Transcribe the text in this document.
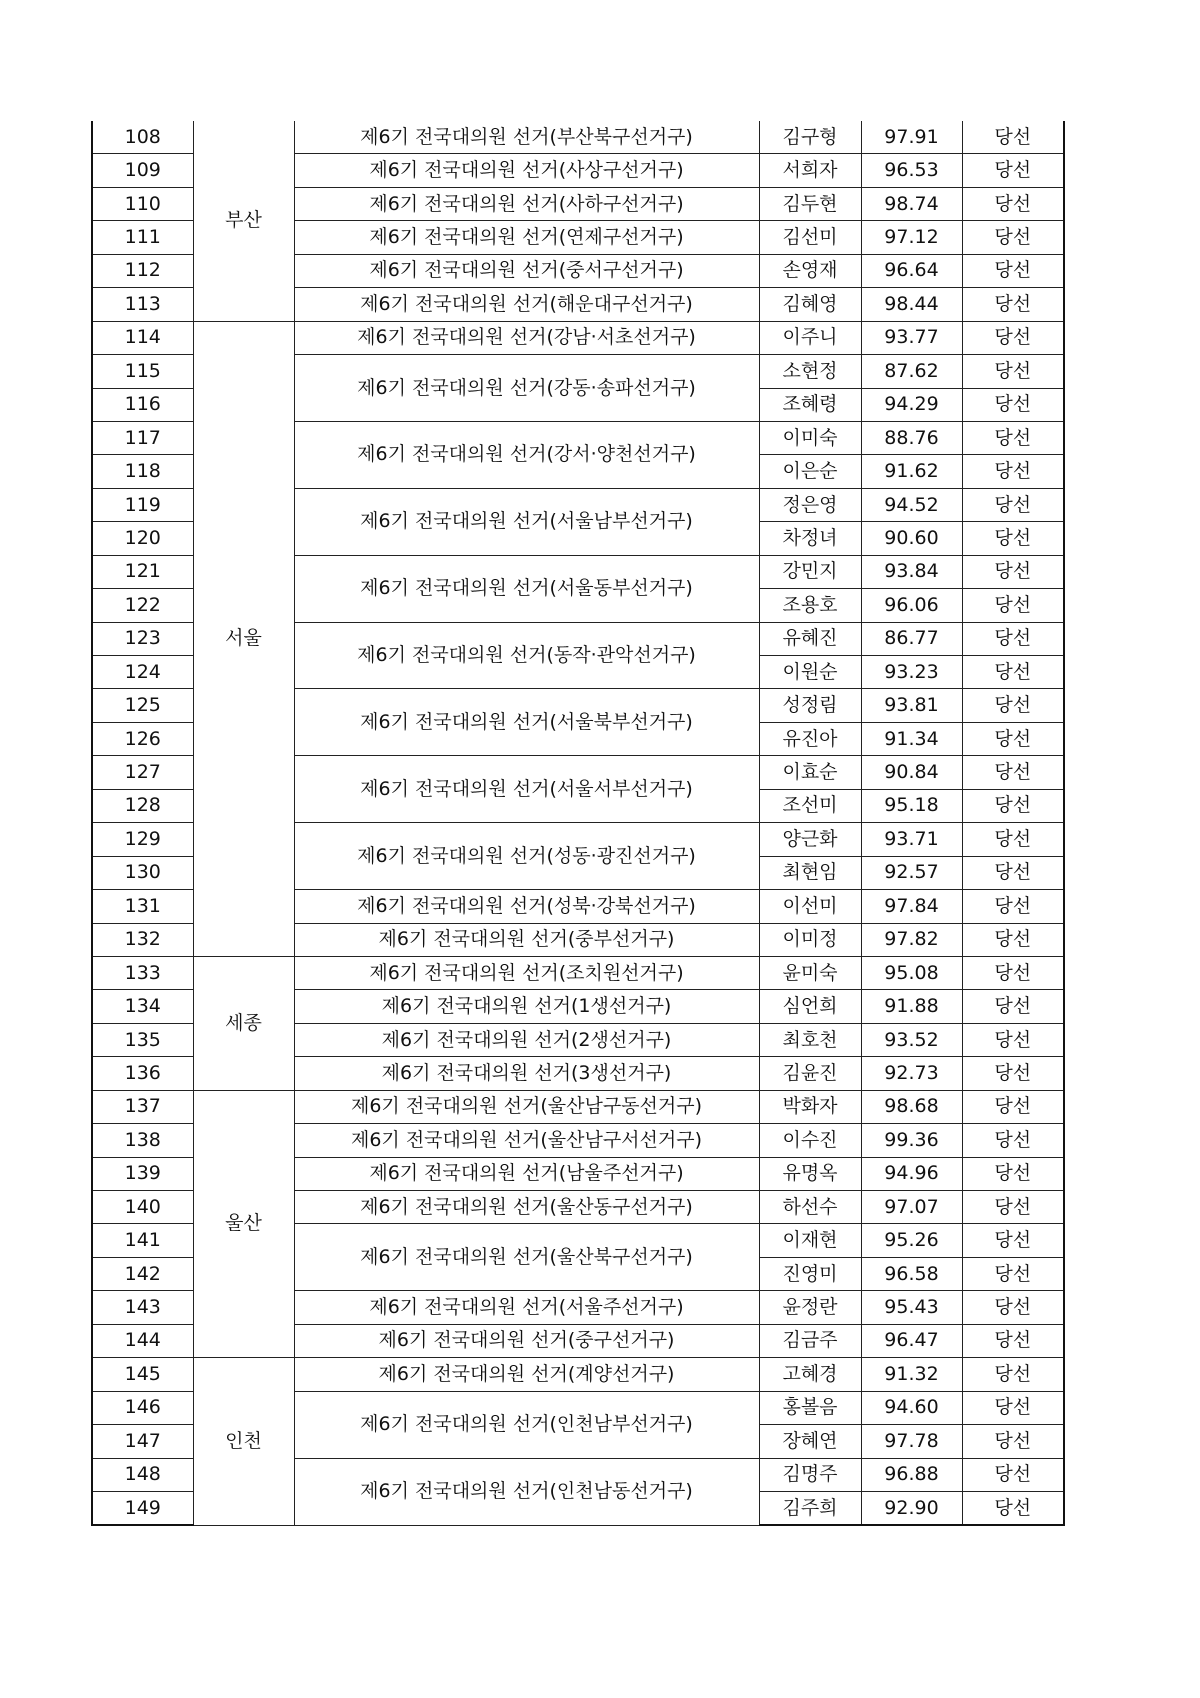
108	부산	제6기 전국대의원 선거(부산북구선거구)	김구형	97.91	당선
109		제6기 전국대의원 선거(사상구선거구)	서희자	96.53	당선
110		제6기 전국대의원 선거(사하구선거구)	김두현	98.74	당선
111		제6기 전국대의원 선거(연제구선거구)	김선미	97.12	당선
112		제6기 전국대의원 선거(중서구선거구)	손영재	96.64	당선
113		제6기 전국대의원 선거(해운대구선거구)	김혜영	98.44	당선
114	서울	제6기 전국대의원 선거(강남·서초선거구)	이주니	93.77	당선
115		제6기 전국대의원 선거(강동·송파선거구)	소현정	87.62	당선
116			조혜령	94.29	당선
117		제6기 전국대의원 선거(강서·양천선거구)	이미숙	88.76	당선
118			이은순	91.62	당선
119		제6기 전국대의원 선거(서울남부선거구)	정은영	94.52	당선
120			차정녀	90.60	당선
121		제6기 전국대의원 선거(서울동부선거구)	강민지	93.84	당선
122			조용호	96.06	당선
123		제6기 전국대의원 선거(동작·관악선거구)	유혜진	86.77	당선
124			이원순	93.23	당선
125		제6기 전국대의원 선거(서울북부선거구)	성정림	93.81	당선
126			유진아	91.34	당선
127		제6기 전국대의원 선거(서울서부선거구)	이효순	90.84	당선
128			조선미	95.18	당선
129		제6기 전국대의원 선거(성동·광진선거구)	양근화	93.71	당선
130			최현임	92.57	당선
131		제6기 전국대의원 선거(성북·강북선거구)	이선미	97.84	당선
132		제6기 전국대의원 선거(중부선거구)	이미정	97.82	당선
133	세종	제6기 전국대의원 선거(조치원선거구)	윤미숙	95.08	당선
134		제6기 전국대의원 선거(1생선거구)	심언희	91.88	당선
135		제6기 전국대의원 선거(2생선거구)	최호천	93.52	당선
136		제6기 전국대의원 선거(3생선거구)	김윤진	92.73	당선
137	울산	제6기 전국대의원 선거(울산남구동선거구)	박화자	98.68	당선
138		제6기 전국대의원 선거(울산남구서선거구)	이수진	99.36	당선
139		제6기 전국대의원 선거(남울주선거구)	유명옥	94.96	당선
140		제6기 전국대의원 선거(울산동구선거구)	하선수	97.07	당선
141		제6기 전국대의원 선거(울산북구선거구)	이재현	95.26	당선
142			진영미	96.58	당선
143		제6기 전국대의원 선거(서울주선거구)	윤정란	95.43	당선
144		제6기 전국대의원 선거(중구선거구)	김금주	96.47	당선
145	인천	제6기 전국대의원 선거(계양선거구)	고혜경	91.32	당선
146		제6기 전국대의원 선거(인천남부선거구)	홍볼음	94.60	당선
147			장혜연	97.78	당선
148		제6기 전국대의원 선거(인천남동선거구)	김명주	96.88	당선
149			김주희	92.90	당선
